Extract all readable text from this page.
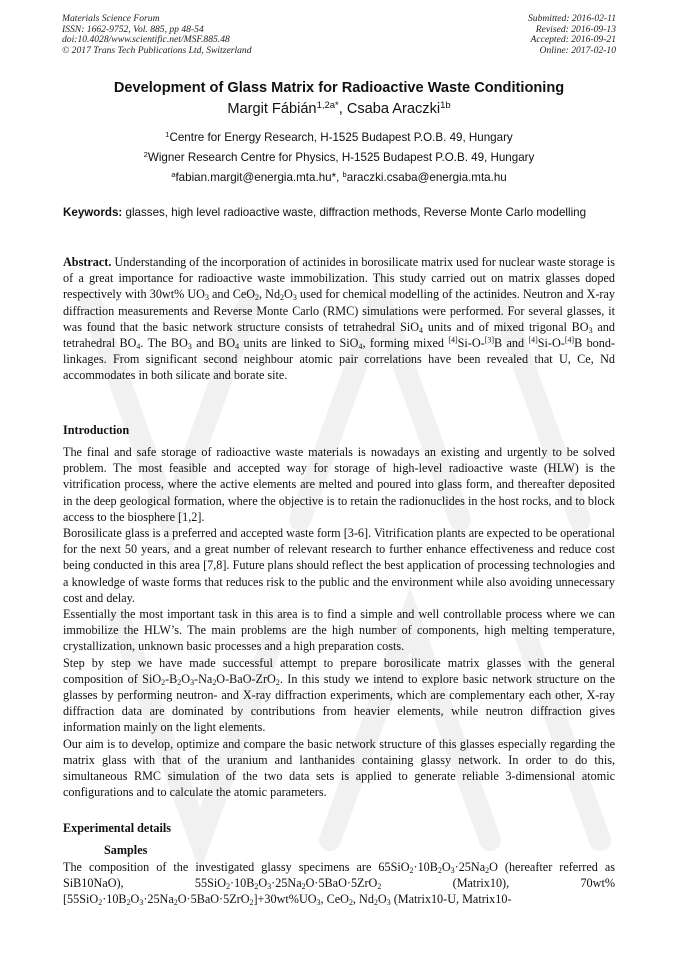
Materials Science Forum
ISSN: 1662-9752, Vol. 885, pp 48-54
doi:10.4028/www.scientific.net/MSF.885.48
© 2017 Trans Tech Publications Ltd, Switzerland
Submitted: 2016-02-11
Revised: 2016-09-13
Accepted: 2016-09-21
Online: 2017-02-10
Development of Glass Matrix for Radioactive Waste Conditioning
Margit Fábián$^{1,2a*}$, Csaba Araczki$^{1b}$
$^1$Centre for Energy Research, H-1525 Budapest P.O.B. 49, Hungary
$^2$Wigner Research Centre for Physics, H-1525 Budapest P.O.B. 49, Hungary
$^a$fabian.margit@energia.mta.hu*, $^b$araczki.csaba@energia.mta.hu
Keywords: glasses, high level radioactive waste, diffraction methods, Reverse Monte Carlo modelling
Abstract. Understanding of the incorporation of actinides in borosilicate matrix used for nuclear waste storage is of a great importance for radioactive waste immobilization. This study carried out on matrix glasses doped respectively with 30wt% $UO_3$ and CeO$_2$, $Nd_2O_3$ used for chemical modelling of the actinides. Neutron and X-ray diffraction measurements and Reverse Monte Carlo (RMC) simulations were performed. For several glasses, it was found that the basic network structure consists of tetrahedral SiO$_4$ units and of mixed trigonal $BO_3$ and tetrahedral $BO_4$. The $BO_3$ and $BO_4$ units are linked to SiO$_4$, forming mixed [4]Si-O-[3]B and [4]Si-O-[4]B bond-linkages. From significant second neighbour atomic pair correlations have been revealed that U, Ce, Nd accommodates in both silicate and borate site.
Introduction

The final and safe storage of radioactive waste materials is nowadays an existing and urgently to be solved problem. The most feasible and accepted way for storage of high-level radioactive waste (HLW) is the vitrification process, where the active elements are melted and poured into glass form, and thereafter deposited in the deep geological formation, where the objective is to retain the radionuclides in the host rocks, and to block access to the biosphere [1,2].

Borosilicate glass is a preferred and accepted waste form [3-6]. Vitrification plants are expected to be operational for the next 50 years, and a great number of relevant research to further enhance effectiveness and reduce cost being conducted in this area [7,8]. Future plans should reflect the best application of processing technologies and a knowledge of waste forms that reduces risk to the public and the environment while also avoiding unnecessary cost and delay.

Essentially the most important task in this area is to find a simple and well controllable process where we can immobilize the HLW’s. The main problems are the high number of components, high melting temperature, crystallization, unknown basic processes and a high preparation costs.

Step by step we have made successful attempt to prepare borosilicate matrix glasses with the general composition of $SiO_2-B_2O_3-Na_2O-BaO-ZrO_2$. In this study we intend to explore basic network structure on the glasses by performing neutron- and X-ray diffraction experiments, which are complementary each other, X-ray diffraction data are dominated by contributions from heavier elements, while neutron diffraction gives information mainly on the light elements.

Our aim is to develop, optimize and compare the basic network structure of this glasses especially regarding the matrix glass with that of the uranium and lanthanides containing glassy network. In order to do this, simultaneous RMC simulation of the two data sets is applied to generate reliable 3-dimensional atomic configurations and to calculate the atomic parameters.

Experimental details
Samples
The composition of the investigated glassy specimens are $65SiO_2\cdot 10B_2O_3\cdot 25Na_2O$ (hereafter referred as SiB10NaO), $55SiO_2\cdot 10B_2O_3\cdot 25Na_2O\cdot 5BaO\cdot 5ZrO_2$ (Matrix10), $70wt\%[55SiO_2\cdot 10B_2O_3\cdot 25Na_2O\cdot 5BaO\cdot 5ZrO_2]+30wt\%UO_3$, CeO$_2$, $Nd_2O_3$ (Matrix10-U, Matrix10-
